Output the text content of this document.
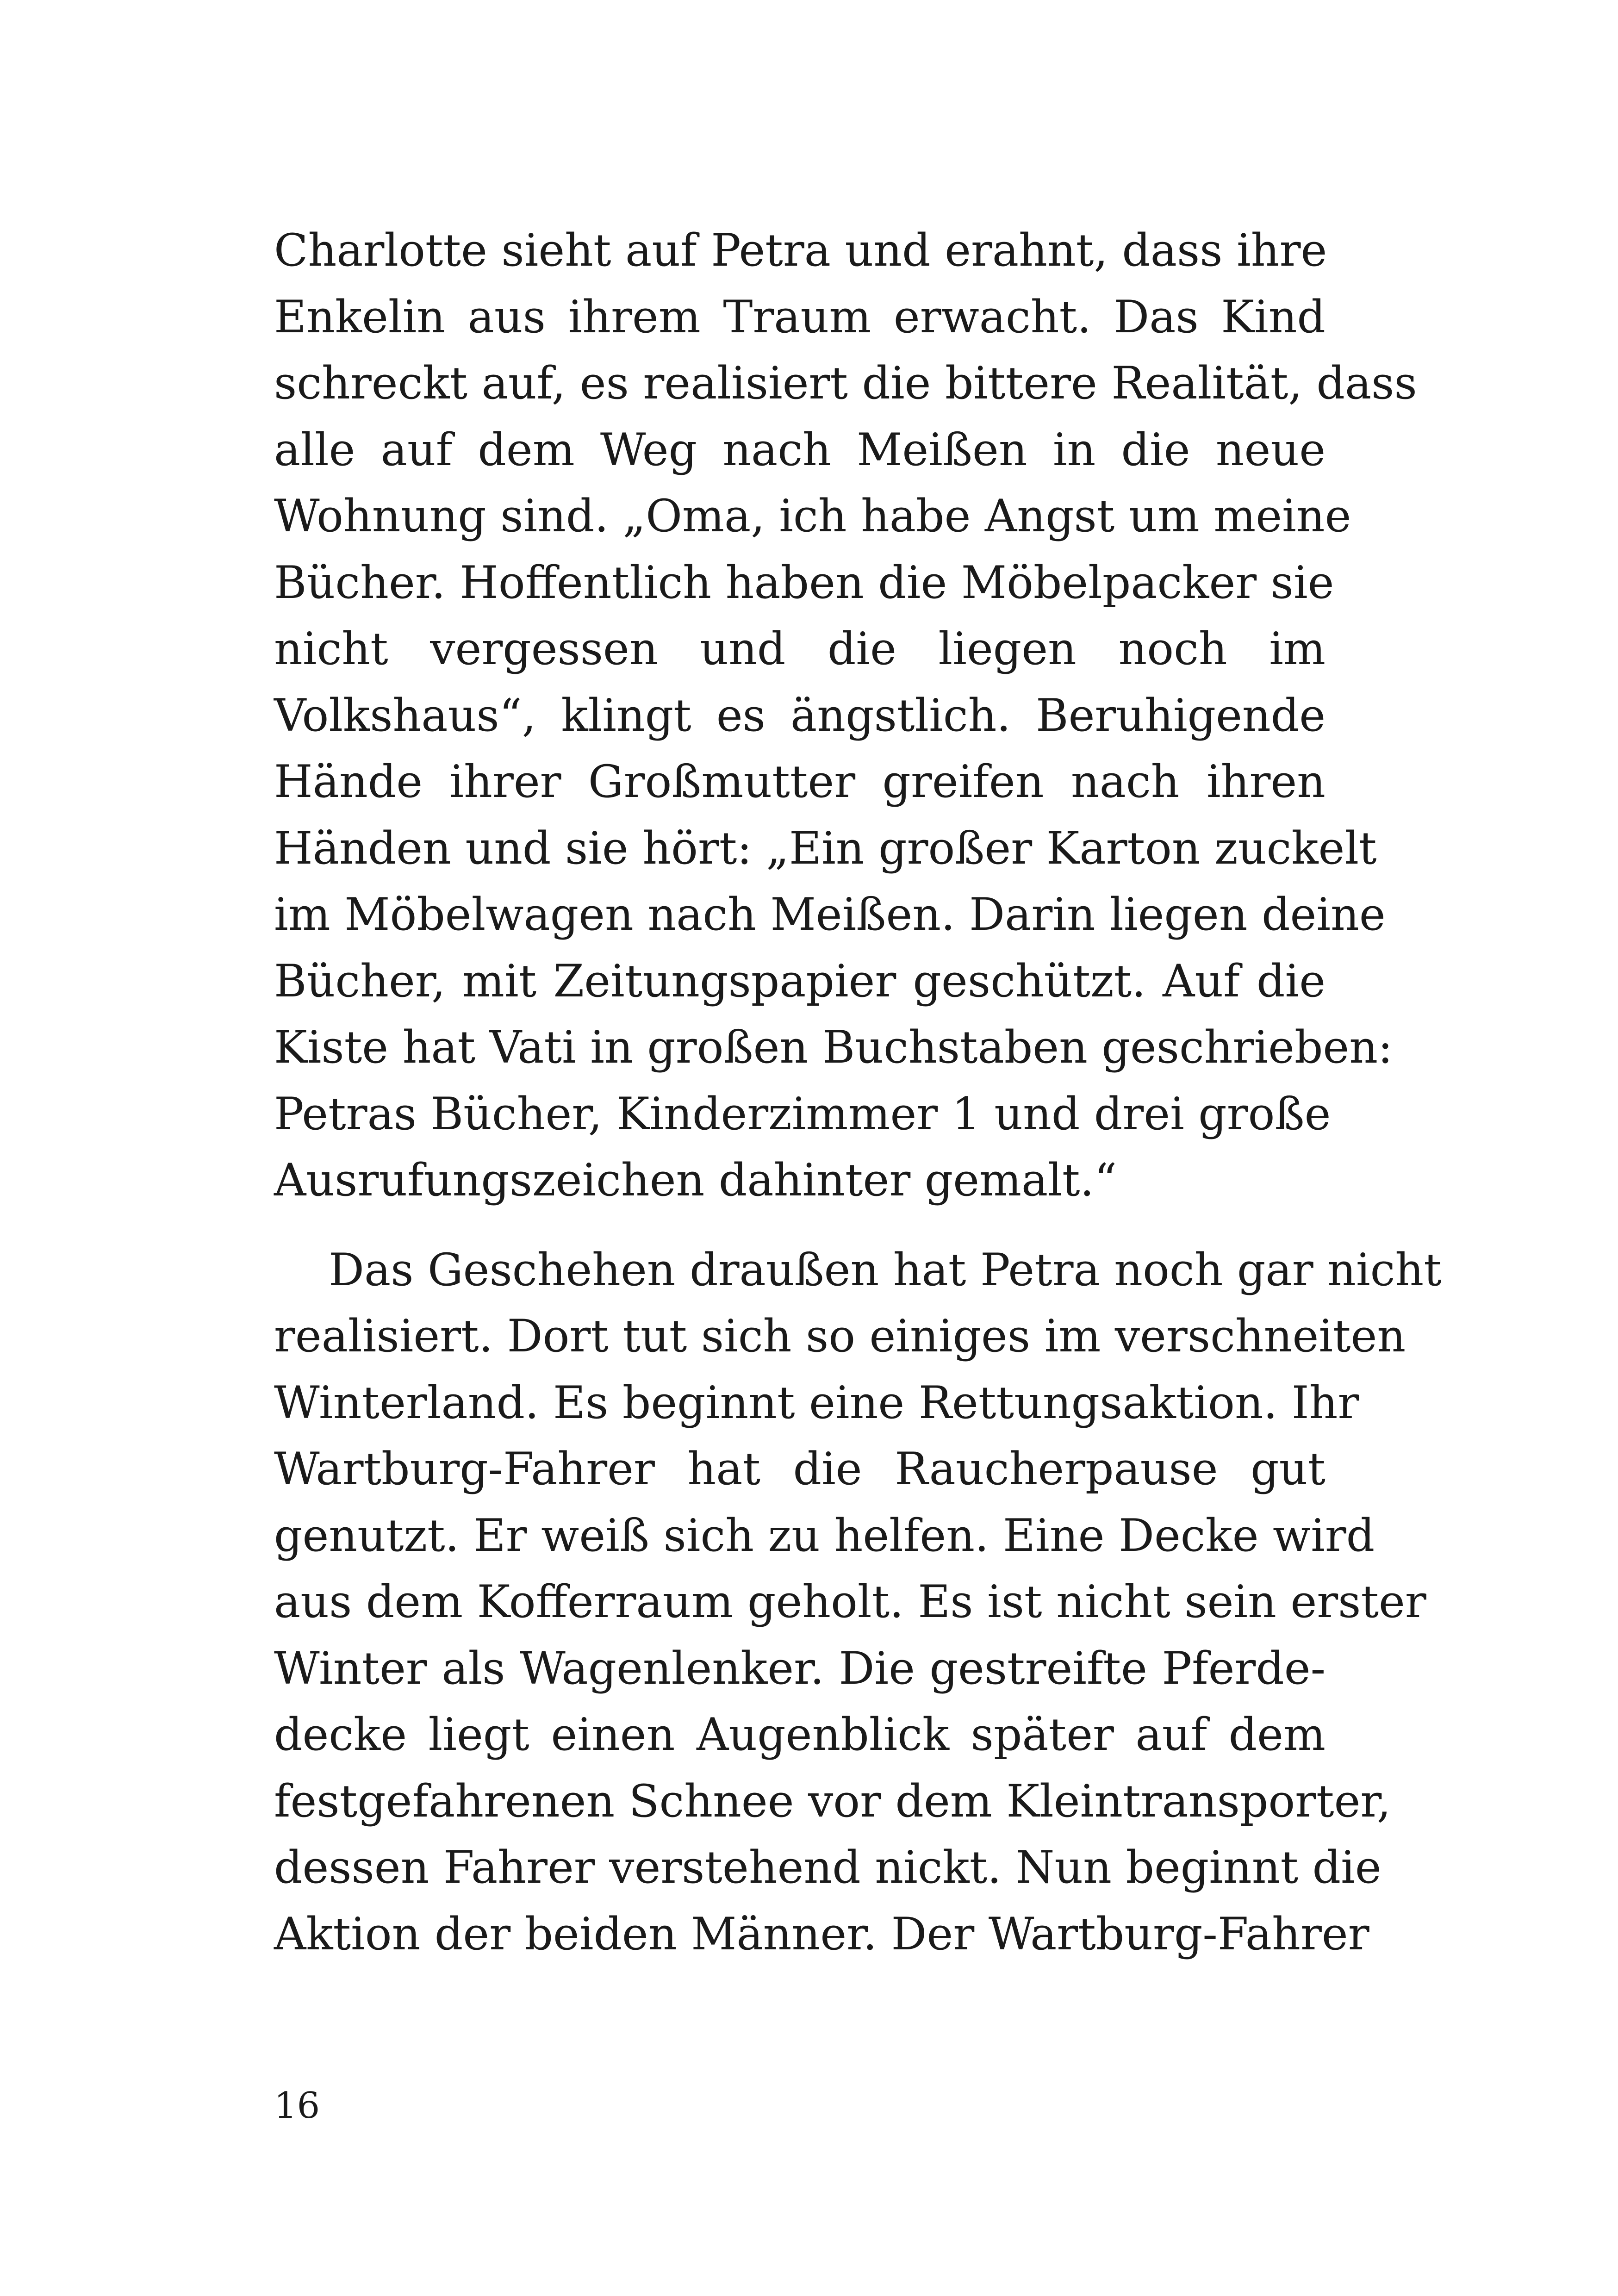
Charlotte sieht auf Petra und erahnt, dass ihre
Enkelin aus ihrem Traum erwacht. Das Kind
schreckt auf, es realisiert die bittere Realität, dass
alle auf dem Weg nach Meißen in die neue
Wohnung sind. „Oma, ich habe Angst um meine
Bücher. Hoffentlich haben die Möbelpacker sie
nicht vergessen und die liegen noch im
Volkshaus“, klingt es ängstlich. Beruhigende
Hände ihrer Großmutter greifen nach ihren
Händen und sie hört: „Ein großer Karton zuckelt
im Möbelwagen nach Meißen. Darin liegen deine
Bücher, mit Zeitungspapier geschützt. Auf die
Kiste hat Vati in großen Buchstaben geschrieben:
Petras Bücher, Kinderzimmer 1 und drei große
Ausrufungszeichen dahinter gemalt.“
Das Geschehen draußen hat Petra noch gar nicht
realisiert. Dort tut sich so einiges im verschneiten
Winterland. Es beginnt eine Rettungsaktion. Ihr
Wartburg-Fahrer hat die Raucherpause gut
genutzt. Er weiß sich zu helfen. Eine Decke wird
aus dem Kofferraum geholt. Es ist nicht sein erster
Winter als Wagenlenker. Die gestreifte Pferde-
decke liegt einen Augenblick später auf dem
festgefahrenen Schnee vor dem Kleintransporter,
dessen Fahrer verstehend nickt. Nun beginnt die
Aktion der beiden Männer. Der Wartburg-Fahrer
16
